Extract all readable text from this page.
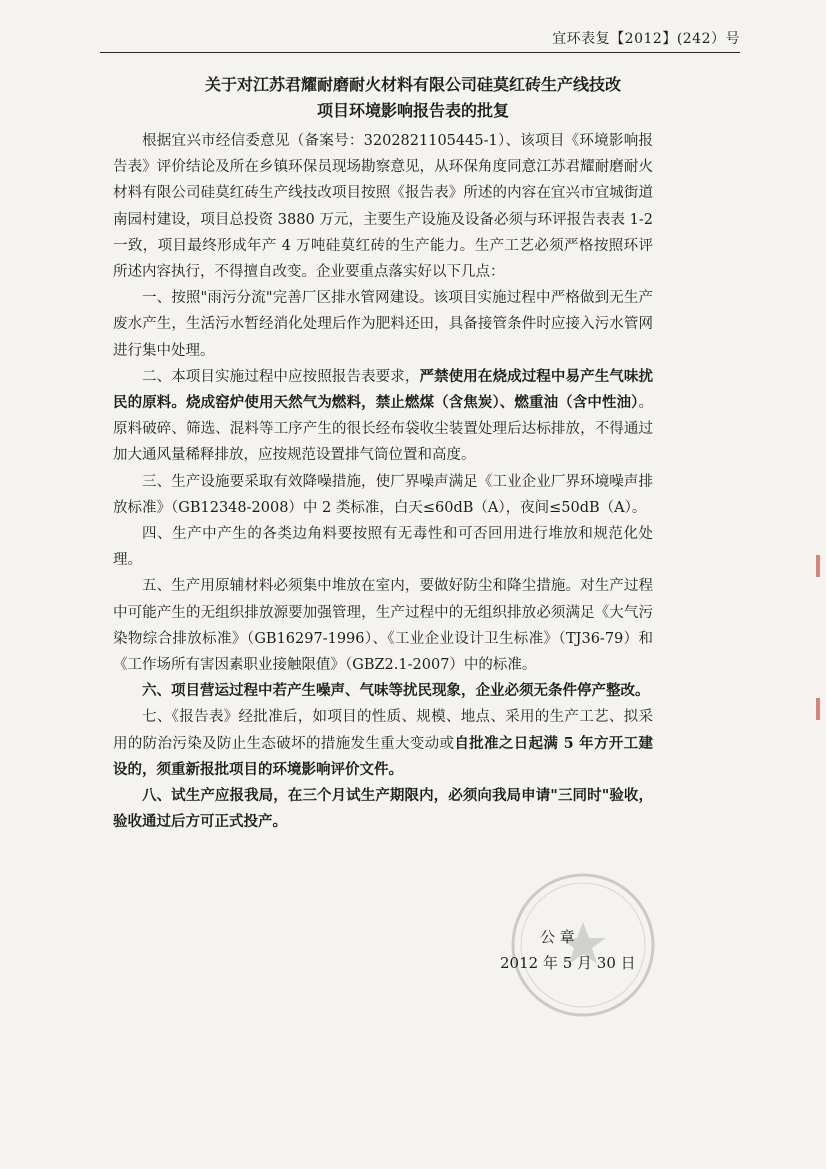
宜环表复【2012】(242）号
关于对江苏君耀耐磨耐火材料有限公司硅莫红砖生产线技改
项目环境影响报告表的批复

根据宜兴市经信委意见（备案号：3202821105445-1）、该项目《环境影响报告表》评价结论及所在乡镇环保员现场勘察意见，从环保角度同意江苏君耀耐磨耐火材料有限公司硅莫红砖生产线技改项目按照《报告表》所述的内容在宜兴市宜城街道南园村建设，项目总投资 3880 万元，主要生产设施及设备必须与环评报告表表 1-2 一致，项目最终形成年产 4 万吨硅莫红砖的生产能力。生产工艺必须严格按照环评所述内容执行，不得擅自改变。企业要重点落实好以下几点：

一、按照"雨污分流"完善厂区排水管网建设。该项目实施过程中严格做到无生产废水产生，生活污水暂经消化处理后作为肥料还田，具备接管条件时应接入污水管网进行集中处理。

二、本项目实施过程中应按照报告表要求，严禁使用在烧成过程中易产生气味扰民的原料。烧成窑炉使用天然气为燃料，禁止燃煤（含焦炭）、燃重油（含中性油）。原料破碎、筛选、混料等工序产生的很长经布袋收尘装置处理后达标排放，不得通过加大通风量稀释排放，应按规范设置排气筒位置和高度。

三、生产设施要采取有效降噪措施，使厂界噪声满足《工业企业厂界环境噪声排放标准》（GB12348-2008）中 2 类标准，白天≤60dB（A），夜间≤50dB（A）。

四、生产中产生的各类边角料要按照有无毒性和可否回用进行堆放和规范化处理。

五、生产用原辅材料必须集中堆放在室内，要做好防尘和降尘措施。对生产过程中可能产生的无组织排放源要加强管理，生产过程中的无组织排放必须满足《大气污染物综合排放标准》（GB16297-1996）、《工业企业设计卫生标准》（TJ36-79）和《工作场所有害因素职业接触限值》（GBZ2.1-2007）中的标准。

六、项目营运过程中若产生噪声、气味等扰民现象，企业必须无条件停产整改。

七、《报告表》经批准后，如项目的性质、规模、地点、采用的生产工艺、拟采用的防治污染及防止生态破坏的措施发生重大变动或自批准之日起满 5 年方开工建设的，须重新报批项目的环境影响评价文件。

八、试生产应报我局，在三个月试生产期限内，必须向我局申请"三同时"验收，验收通过后方可正式投产。

公 章
2012 年 5 月 30 日
